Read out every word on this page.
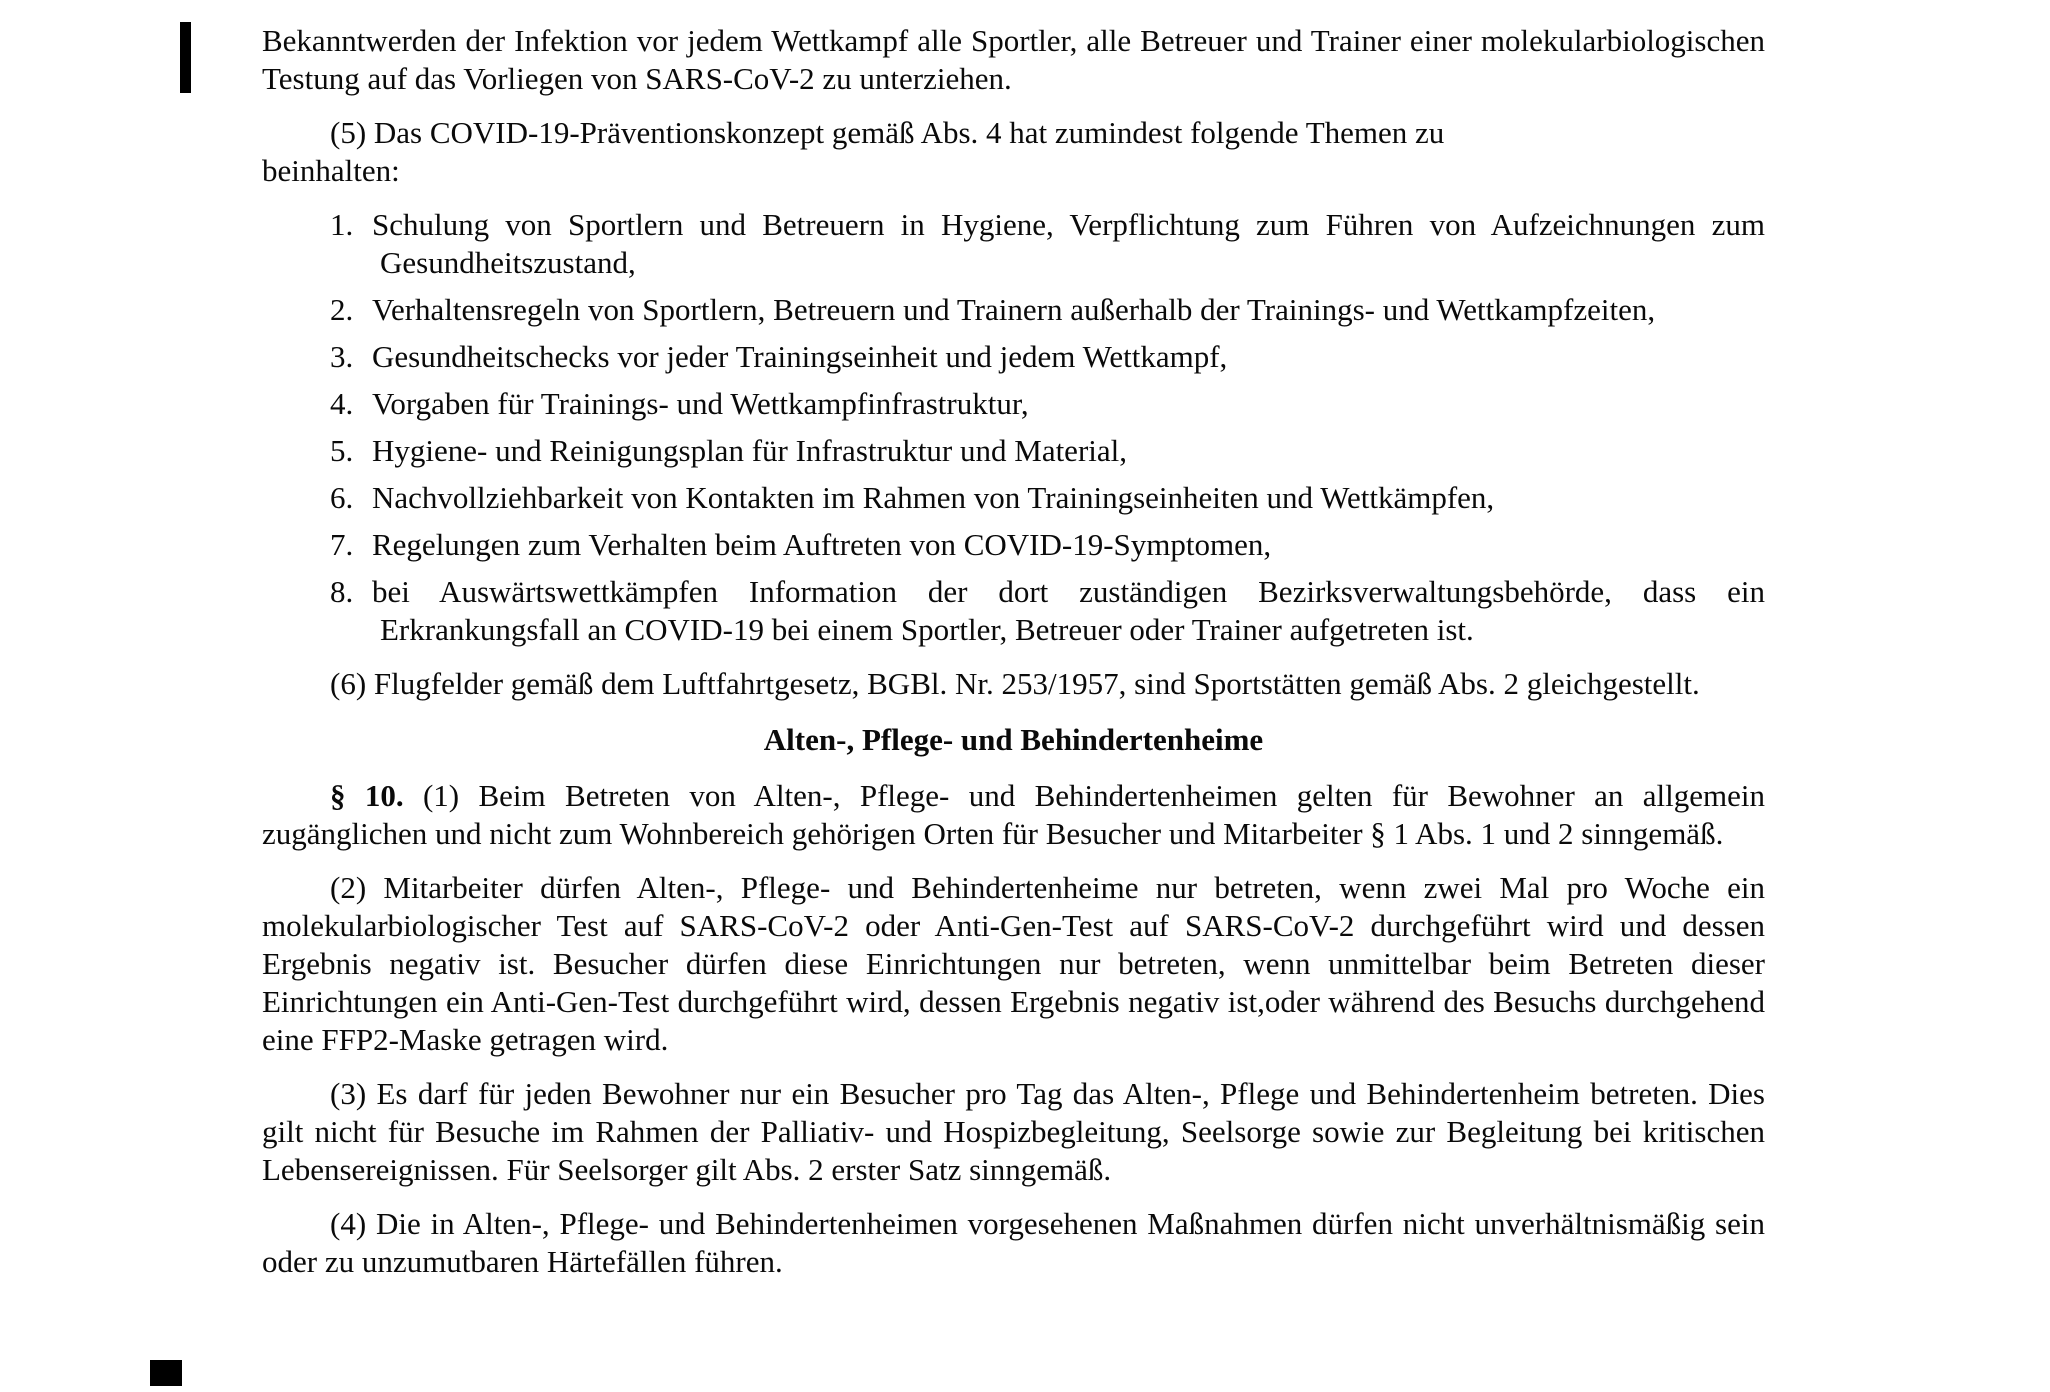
Bekanntwerden der Infektion vor jedem Wettkampf alle Sportler, alle Betreuer und Trainer einer molekularbiologischen Testung auf das Vorliegen von SARS-CoV-2 zu unterziehen.

(5) Das COVID-19-Präventionskonzept gemäß Abs. 4 hat zumindest folgende Themen zu
beinhalten:

1. Schulung von Sportlern und Betreuern in Hygiene, Verpflichtung zum Führen von Aufzeichnungen zum Gesundheitszustand,
2. Verhaltensregeln von Sportlern, Betreuern und Trainern außerhalb der Trainings- und Wettkampfzeiten,
3. Gesundheitschecks vor jeder Trainingseinheit und jedem Wettkampf,
4. Vorgaben für Trainings- und Wettkampfinfrastruktur,
5. Hygiene- und Reinigungsplan für Infrastruktur und Material,
6. Nachvollziehbarkeit von Kontakten im Rahmen von Trainingseinheiten und Wettkämpfen,
7. Regelungen zum Verhalten beim Auftreten von COVID-19-Symptomen,
8. bei Auswärtswettkämpfen Information der dort zuständigen Bezirksverwaltungsbehörde, dass ein Erkrankungsfall an COVID-19 bei einem Sportler, Betreuer oder Trainer aufgetreten ist.

(6) Flugfelder gemäß dem Luftfahrtgesetz, BGBl. Nr. 253/1957, sind Sportstätten gemäß Abs. 2 gleichgestellt.

Alten-, Pflege- und Behindertenheime

§ 10. (1) Beim Betreten von Alten-, Pflege- und Behindertenheimen gelten für Bewohner an allgemein zugänglichen und nicht zum Wohnbereich gehörigen Orten für Besucher und Mitarbeiter § 1 Abs. 1 und 2 sinngemäß.

(2) Mitarbeiter dürfen Alten-, Pflege- und Behindertenheime nur betreten, wenn zwei Mal pro Woche ein molekularbiologischer Test auf SARS-CoV-2 oder Anti-Gen-Test auf SARS-CoV-2 durchgeführt wird und dessen Ergebnis negativ ist. Besucher dürfen diese Einrichtungen nur betreten, wenn unmittelbar beim Betreten dieser Einrichtungen ein Anti-Gen-Test durchgeführt wird, dessen Ergebnis negativ ist,oder während des Besuchs durchgehend eine FFP2-Maske getragen wird.

(3) Es darf für jeden Bewohner nur ein Besucher pro Tag das Alten-, Pflege und Behindertenheim betreten. Dies gilt nicht für Besuche im Rahmen der Palliativ- und Hospizbegleitung, Seelsorge sowie zur Begleitung bei kritischen Lebensereignissen. Für Seelsorger gilt Abs. 2 erster Satz sinngemäß.

(4) Die in Alten-, Pflege- und Behindertenheimen vorgesehenen Maßnahmen dürfen nicht unverhältnismäßig sein oder zu unzumutbaren Härtefällen führen.
